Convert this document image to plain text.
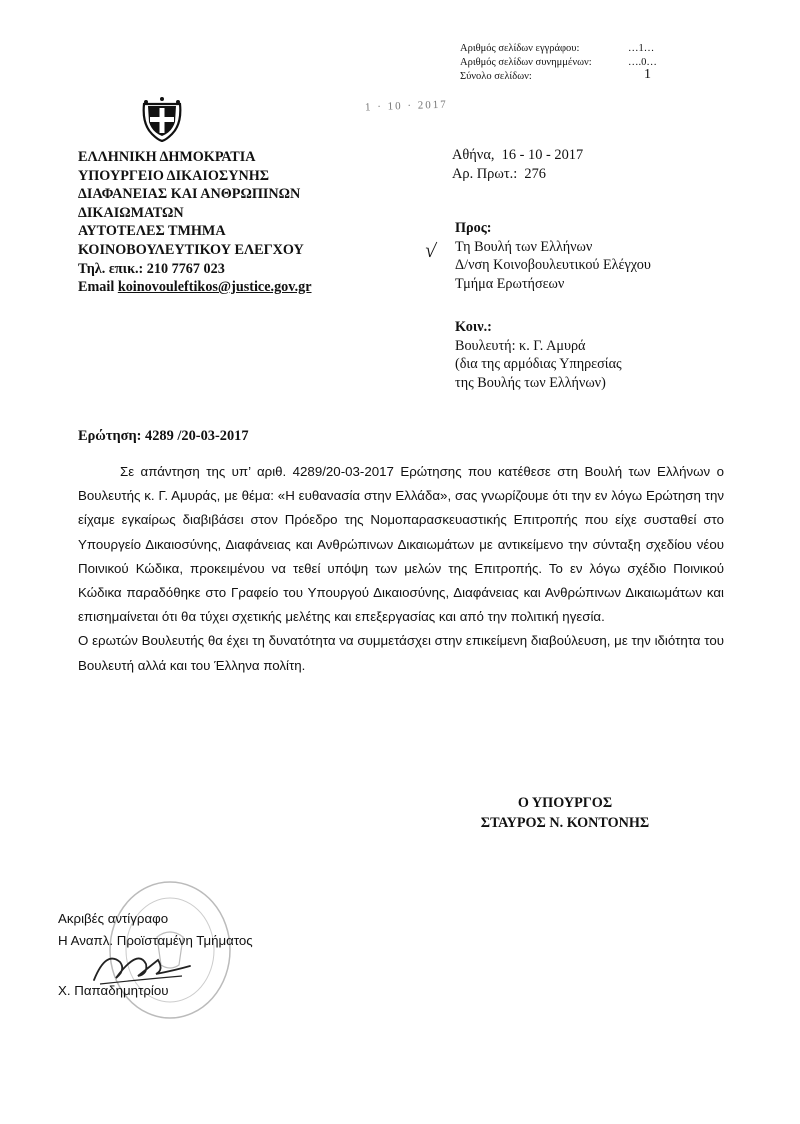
Αριθμός σελίδων εγγράφου:	…1…
Αριθμός σελίδων συνημμένων:	….0…
Σύνολο σελίδων:	1
1 · 10 · 2017
ΕΛΛΗΝΙΚΗ ΔΗΜΟΚΡΑΤΙΑ
ΥΠΟΥΡΓΕΙΟ ΔΙΚΑΙΟΣΥΝΗΣ
ΔΙΑΦΑΝΕΙΑΣ ΚΑΙ ΑΝΘΡΩΠΙΝΩΝ
ΔΙΚΑΙΩΜΑΤΩΝ
ΑΥΤΟΤΕΛΕΣ ΤΜΗΜΑ
ΚΟΙΝΟΒΟΥΛΕΥΤΙΚΟΥ ΕΛΕΓΧΟΥ
Τηλ. επικ.: 210 7767 023
Email koinovouleftikos@justice.gov.gr
Αθήνα,  16 - 10 - 2017
Αρ. Πρωτ.:  276
Προς:
Τη Βουλή των Ελλήνων
Δ/νση Κοινοβουλευτικού Ελέγχου
Τμήμα Ερωτήσεων
√
Κοιν.:
Βουλευτή: κ. Γ. Αμυρά
(δια της αρμόδιας Υπηρεσίας
της Βουλής των Ελλήνων)
Ερώτηση: 4289 /20-03-2017

Σε απάντηση της υπ’ αριθ. 4289/20-03-2017 Ερώτησης που κατέθεσε στη Βουλή των Ελλήνων ο Βουλευτής κ. Γ. Αμυράς, με θέμα: «Η ευθανασία στην Ελλάδα», σας γνωρίζουμε ότι την εν λόγω Ερώτηση την είχαμε εγκαίρως διαβιβάσει στον Πρόεδρο της Νομοπαρασκευαστικής Επιτροπής που είχε συσταθεί στο Υπουργείο Δικαιοσύνης, Διαφάνειας και Ανθρώπινων Δικαιωμάτων με αντικείμενο την σύνταξη σχεδίου νέου Ποινικού Κώδικα, προκειμένου να τεθεί υπόψη των μελών της Επιτροπής. Το εν λόγω σχέδιο Ποινικού Κώδικα παραδόθηκε στο Γραφείο του Υπουργού Δικαιοσύνης, Διαφάνειας και Ανθρώπινων Δικαιωμάτων και επισημαίνεται ότι θα τύχει σχετικής μελέτης και επεξεργασίας και από την πολιτική ηγεσία.

Ο ερωτών Βουλευτής θα έχει τη δυνατότητα να συμμετάσχει στην επικείμενη διαβούλευση, με την ιδιότητα του Βουλευτή αλλά και του Έλληνα πολίτη.

Ο ΥΠΟΥΡΓΟΣ
ΣΤΑΥΡΟΣ Ν. ΚΟΝΤΟΝΗΣ
Ακριβές αντίγραφο
Η Αναπλ. Προϊσταμένη Τμήματος
Χ. Παπαδημητρίου
